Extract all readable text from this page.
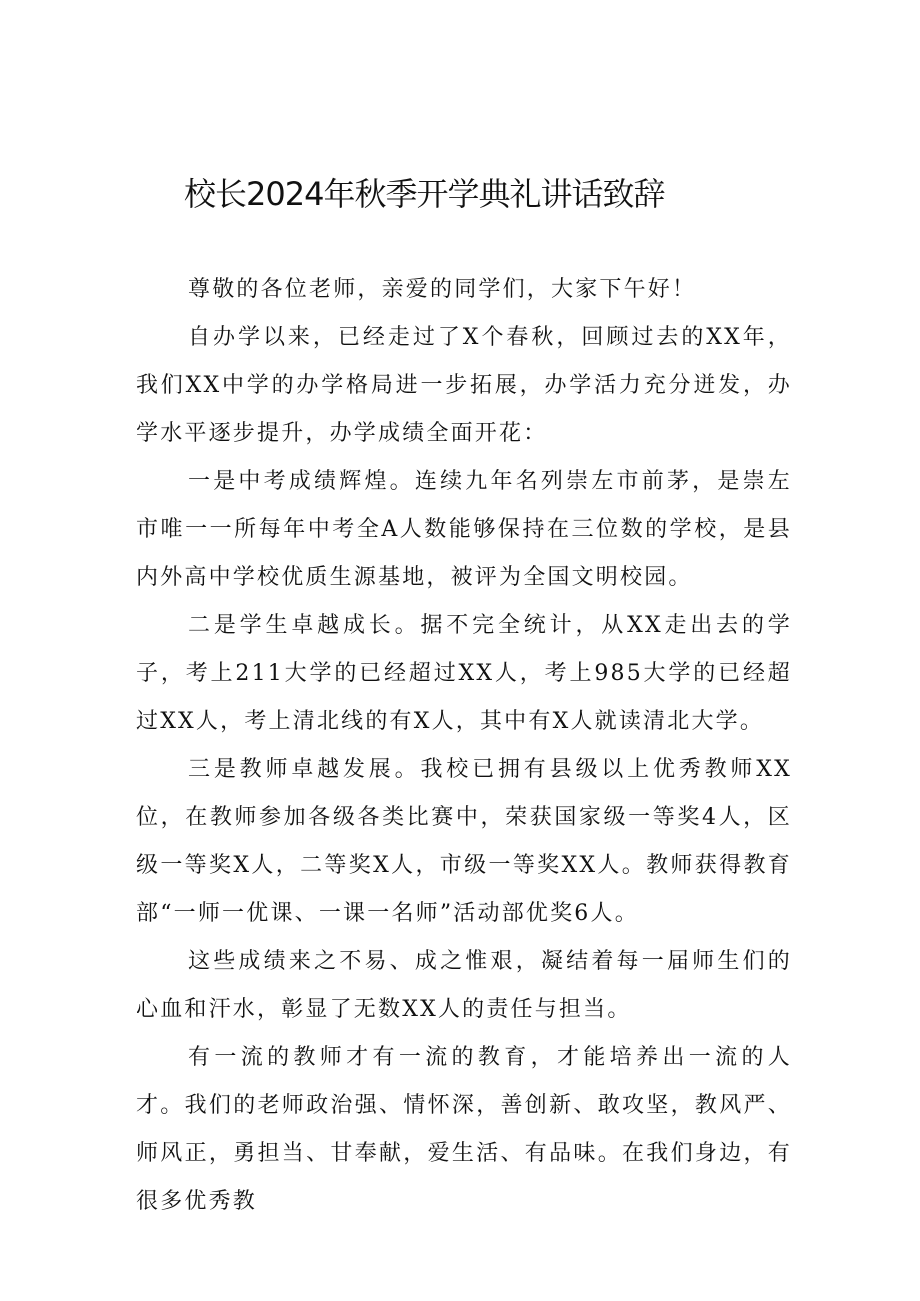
校长2024年秋季开学典礼讲话致辞

尊敬的各位老师，亲爱的同学们，大家下午好！

自办学以来，已经走过了X个春秋，回顾过去的XX年，我们XX中学的办学格局进一步拓展，办学活力充分迸发，办学水平逐步提升，办学成绩全面开花：

一是中考成绩辉煌。连续九年名列崇左市前茅，是崇左市唯一一所每年中考全A人数能够保持在三位数的学校，是县内外高中学校优质生源基地，被评为全国文明校园。

二是学生卓越成长。据不完全统计，从XX走出去的学子，考上211大学的已经超过XX人，考上985大学的已经超过XX人，考上清北线的有X人，其中有X人就读清北大学。

三是教师卓越发展。我校已拥有县级以上优秀教师XX位，在教师参加各级各类比赛中，荣获国家级一等奖4人，区级一等奖X人，二等奖X人，市级一等奖XX人。教师获得教育部“一师一优课、一课一名师”活动部优奖6人。

这些成绩来之不易、成之惟艰，凝结着每一届师生们的心血和汗水，彰显了无数XX人的责任与担当。

有一流的教师才有一流的教育，才能培养出一流的人才。我们的老师政治强、情怀深，善创新、敢攻坚，教风严、师风正，勇担当、甘奉献，爱生活、有品味。在我们身边，有很多优秀教
